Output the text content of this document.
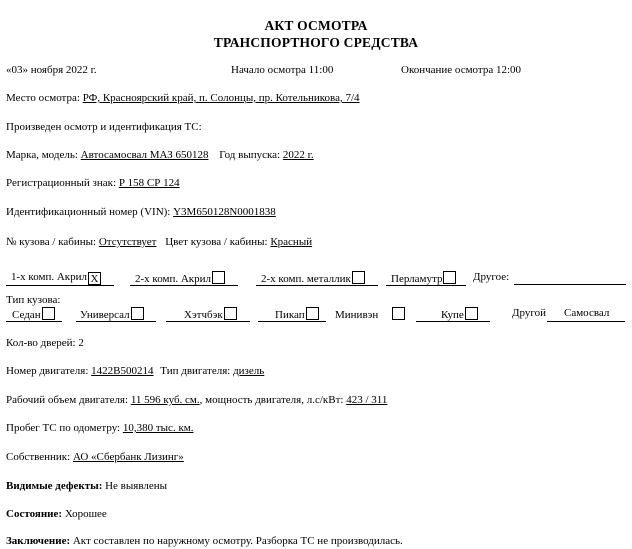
АКТ ОСМОТРА
ТРАНСПОРТНОГО СРЕДСТВА
«03» ноября 2022 г.	Начало осмотра 11:00	Окончание осмотра 12:00
Место осмотра: РФ, Красноярский край, п. Солонцы, пр. Котельникова, 7/4
Произведен осмотр и идентификация ТС:
Марка, модель: Автосамосвал МАЗ 650128 Год выпуска: 2022 г.
Регистрационный знак: Р 158 СР 124
Идентификационный номер (VIN): Y3M650128N0001838
№ кузова / кабины: Отсутствует Цвет кузова / кабины: Красный
1-х комп. Акрил X	2-х комп. Акрил	2-х комп. металлик	Перламутр	Другое:
Тип кузова:
Седан	Универсал	Хэтчбэк	Пикап	Минивэн	Купе	Другой Самосвал
Кол-во дверей: 2
Номер двигателя: 1422B500214 Тип двигателя: дизель
Рабочий объем двигателя: 11 596 куб. см., мощность двигателя, л.с/кВт: 423 / 311
Пробег ТС по одометру: 10,380 тыс. км.
Собственник: АО «Сбербанк Лизинг»
Видимые дефекты: Не выявлены
Состояние: Хорошее
Заключение: Акт составлен по наружному осмотру. Разборка ТС не производилась.
